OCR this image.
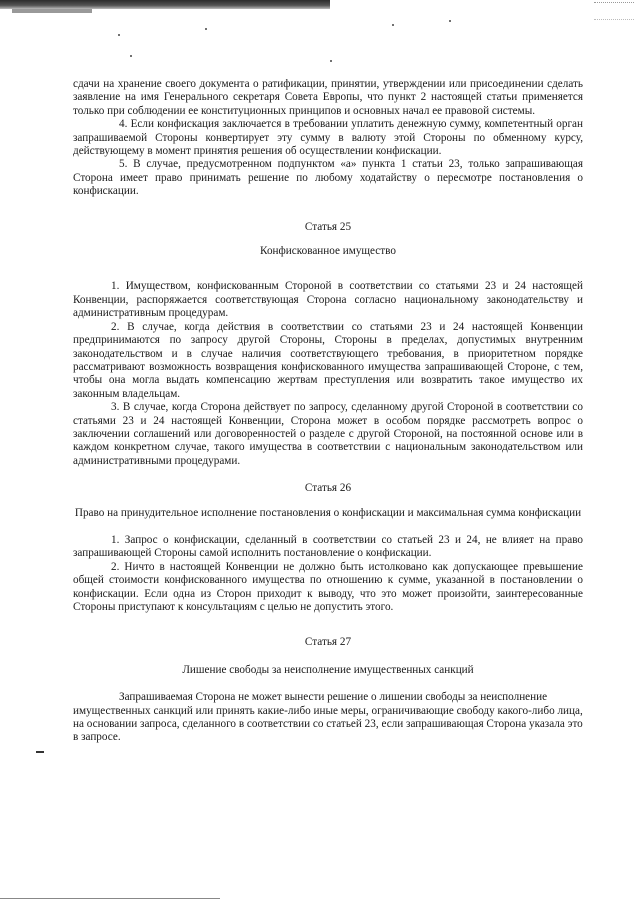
сдачи на хранение своего документа о ратификации, принятии, утверждении или присоединении сделать заявление на имя Генерального секретаря Совета Европы, что пункт 2 настоящей статьи применяется только при соблюдении ее конституционных принципов и основных начал ее правовой системы.

4. Если конфискация заключается в требовании уплатить денежную сумму, компетентный орган запрашиваемой Стороны конвертирует эту сумму в валюту этой Стороны по обменному курсу, действующему в момент принятия решения об осуществлении конфискации.

5. В случае, предусмотренном подпунктом «а» пункта 1 статьи 23, только запрашивающая Сторона имеет право принимать решение по любому ходатайству о пересмотре постановления о конфискации.

Статья 25

Конфискованное имущество

1. Имуществом, конфискованным Стороной в соответствии со статьями 23 и 24 настоящей Конвенции, распоряжается соответствующая Сторона согласно национальному законодательству и административным процедурам.

2. В случае, когда действия в соответствии со статьями 23 и 24 настоящей Конвенции предпринимаются по запросу другой Стороны, Стороны в пределах, допустимых внутренним законодательством и в случае наличия соответствующего требования, в приоритетном порядке рассматривают возможность возвращения конфискованного имущества запрашивающей Стороне, с тем, чтобы она могла выдать компенсацию жертвам преступления или возвратить такое имущество их законным владельцам.

3. В случае, когда Сторона действует по запросу, сделанному другой Стороной в соответствии со статьями 23 и 24 настоящей Конвенции, Сторона может в особом порядке рассмотреть вопрос о заключении соглашений или договоренностей о разделе с другой Стороной, на постоянной основе или в каждом конкретном случае, такого имущества в соответствии с национальным законодательством или административными процедурами.

Статья 26

Право на принудительное исполнение постановления о конфискации и максимальная сумма конфискации

1. Запрос о конфискации, сделанный в соответствии со статьей 23 и 24, не влияет на право запрашивающей Стороны самой исполнить постановление о конфискации.

2. Ничто в настоящей Конвенции не должно быть истолковано как допускающее превышение общей стоимости конфискованного имущества по отношению к сумме, указанной в постановлении о конфискации. Если одна из Сторон приходит к выводу, что это может произойти, заинтересованные Стороны приступают к консультациям с целью не допустить этого.

Статья 27

Лишение свободы за неисполнение имущественных санкций

Запрашиваемая Сторона не может вынести решение о лишении свободы за неисполнение имущественных санкций или принять какие-либо иные меры, ограничивающие свободу какого-либо лица, на основании запроса, сделанного в соответствии со статьей 23, если запрашивающая Сторона указала это в запросе.
